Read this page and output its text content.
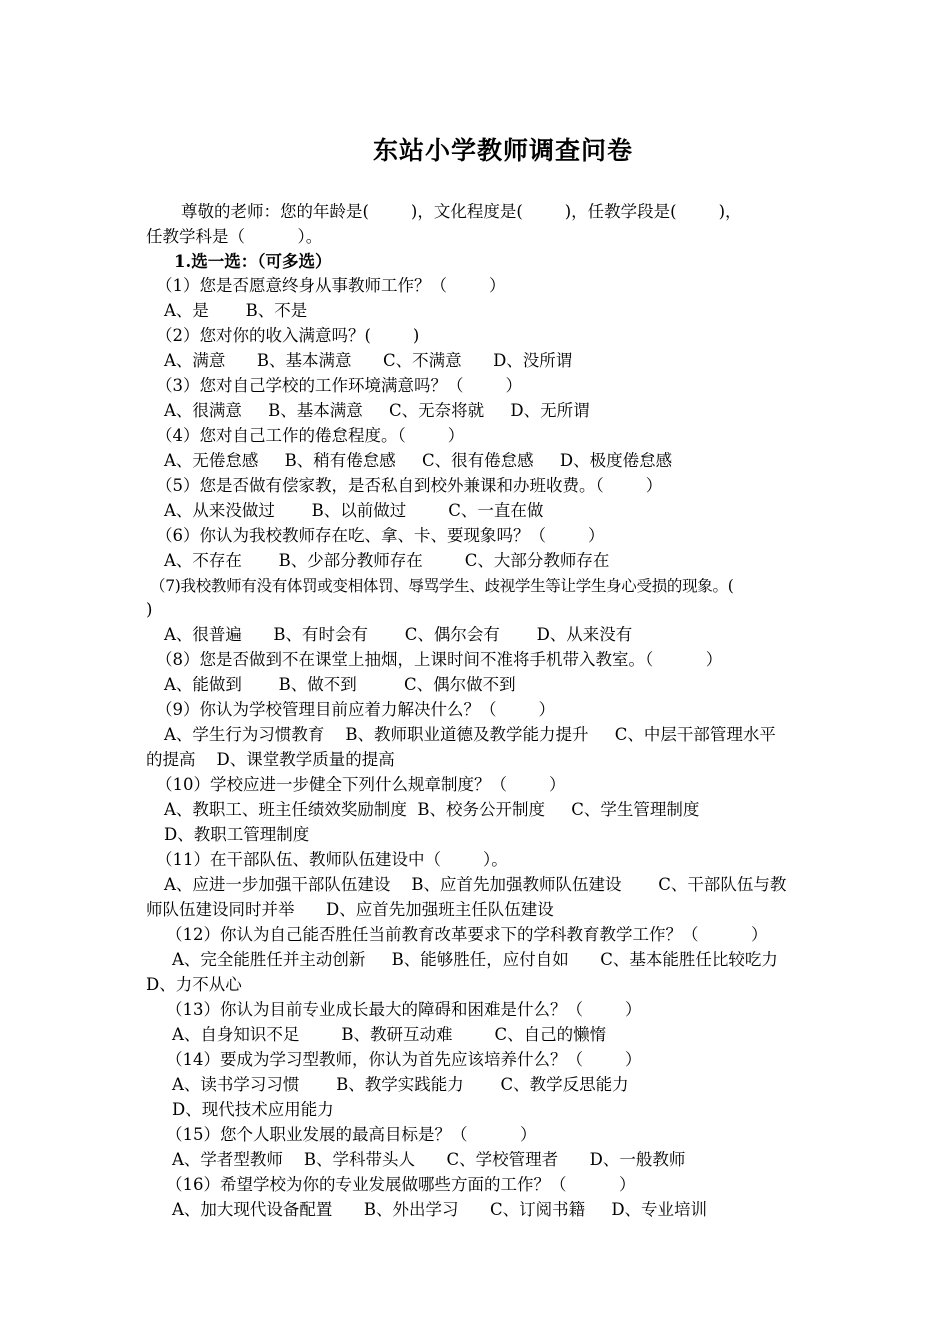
东站小学教师调查问卷
尊敬的老师：您的年龄是(        )，文化程度是(        )，任教学段是(        )，
任教学科是（          ）。
1.选一选：（可多选）
（1）您是否愿意终身从事教师工作？（        ）
A、是       B、不是
（2）您对你的收入满意吗？(        )
A、满意      B、基本满意      C、不满意      D、没所谓
（3）您对自己学校的工作环境满意吗？（        ）
A、很满意     B、基本满意     C、无奈将就     D、无所谓
（4）您对自己工作的倦怠程度。（        ）
A、无倦怠感     B、稍有倦怠感     C、很有倦怠感     D、极度倦怠感
（5）您是否做有偿家教，是否私自到校外兼课和办班收费。（        ）
A、从来没做过       B、以前做过        C、一直在做
（6）你认为我校教师存在吃、拿、卡、要现象吗？（        ）
A、不存在       B、少部分教师存在        C、大部分教师存在
（7)我校教师有没有体罚或变相体罚、辱骂学生、歧视学生等让学生身心受损的现象。(
)
A、很普遍      B、有时会有       C、偶尔会有       D、从来没有
（8）您是否做到不在课堂上抽烟，上课时间不准将手机带入教室。（          ）
A、能做到       B、做不到         C、偶尔做不到
（9）你认为学校管理目前应着力解决什么？（        ）
A、学生行为习惯教育    B、教师职业道德及教学能力提升     C、中层干部管理水平
的提高    D、课堂教学质量的提高
（10）学校应进一步健全下列什么规章制度？（        ）
A、教职工、班主任绩效奖励制度  B、校务公开制度     C、学生管理制度
D、教职工管理制度
（11）在干部队伍、教师队伍建设中（        ）。
A、应进一步加强干部队伍建设    B、应首先加强教师队伍建设       C、干部队伍与教
师队伍建设同时并举      D、应首先加强班主任队伍建设
（12）你认为自己能否胜任当前教育改革要求下的学科教育教学工作？（          ）
A、完全能胜任并主动创新     B、能够胜任，应付自如      C、基本能胜任比较吃力
D、力不从心
（13）你认为目前专业成长最大的障碍和困难是什么？（        ）
A、自身知识不足        B、教研互动难        C、自己的懒惰
（14）要成为学习型教师，你认为首先应该培养什么？（        ）
A、读书学习习惯       B、教学实践能力       C、教学反思能力
D、现代技术应用能力
（15）您个人职业发展的最高目标是？（          ）
A、学者型教师    B、学科带头人      C、学校管理者      D、一般教师
（16）希望学校为你的专业发展做哪些方面的工作？（          ）
A、加大现代设备配置      B、外出学习      C、订阅书籍     D、专业培训
